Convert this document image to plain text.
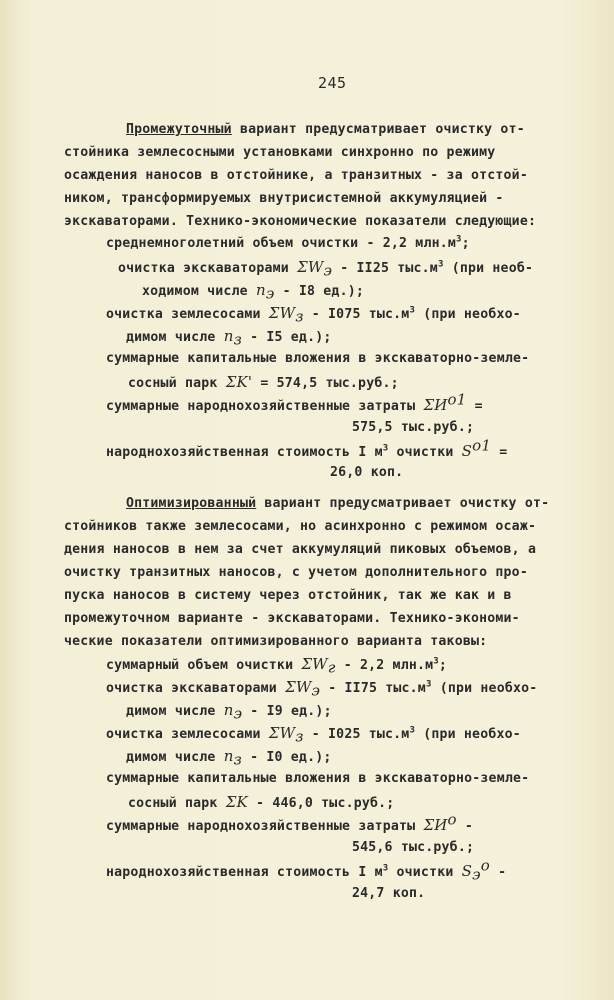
245
Промежуточный вариант предусматривает очистку от-
стойника землесосными установками синхронно по режиму
осаждения наносов в отстойнике, а транзитных - за отстой-
ником, трансформируемых внутрисистемной аккумуляцией -
экскаваторами. Технико-экономические показатели следующие:
среднемноголетний объем очистки - 2,2 $млн.м^3$;
очистка экскаваторами $\Sigma W_э - II25$ $тыс.м^3$ (при необ-
ходимом числе $n_э - I8$ ед.);
очистка землесосами $\Sigma W_з - I075$ $тыс.м^3$ (при необхо-
димом числе $n_з - I5$ ед.);
суммарные капитальные вложения в экскаваторно-земле-
сосный парк ΣK' = 574,5 тыс.руб.;
суммарные народнохозяйственные затраты $\Sigma И^{o1}$ =
575,5 тыс.руб.;
народнохозяйственная стоимость I $м^3$ очистки $S^{o1}$ =
26,0 коп.
Оптимизированный вариант предусматривает очистку от-
стойников также землесосами, но асинхронно с режимом осаж-
дения наносов в нем за счет аккумуляций пиковых объемов, а
очистку транзитных наносов, с учетом дополнительного про-
пуска наносов в систему через отстойник, так же как и в
промежуточном варианте - экскаваторами. Технико-экономи-
ческие показатели оптимизированного варианта таковы:
суммарный объем очистки $\Sigma W_г - 2,2$ $млн.м^3$;
очистка экскаваторами $\Sigma W_э - II75$ $тыс.м^3$ (при необхо-
димом числе $n_э - I9$ ед.);
очистка землесосами $\Sigma W_з - I025$ $тыс.м^3$ (при необхо-
димом числе $n_з - I0$ ед.);
суммарные капитальные вложения в экскаваторно-земле-
сосный парк ΣK - 446,0 тыс.руб.;
суммарные народнохозяйственные затраты $\Sigma И^o$ -
545,6 тыс.руб.;
народнохозяйственная стоимость I $м^3$ очистки $S_э^o$ -
24,7 коп.
